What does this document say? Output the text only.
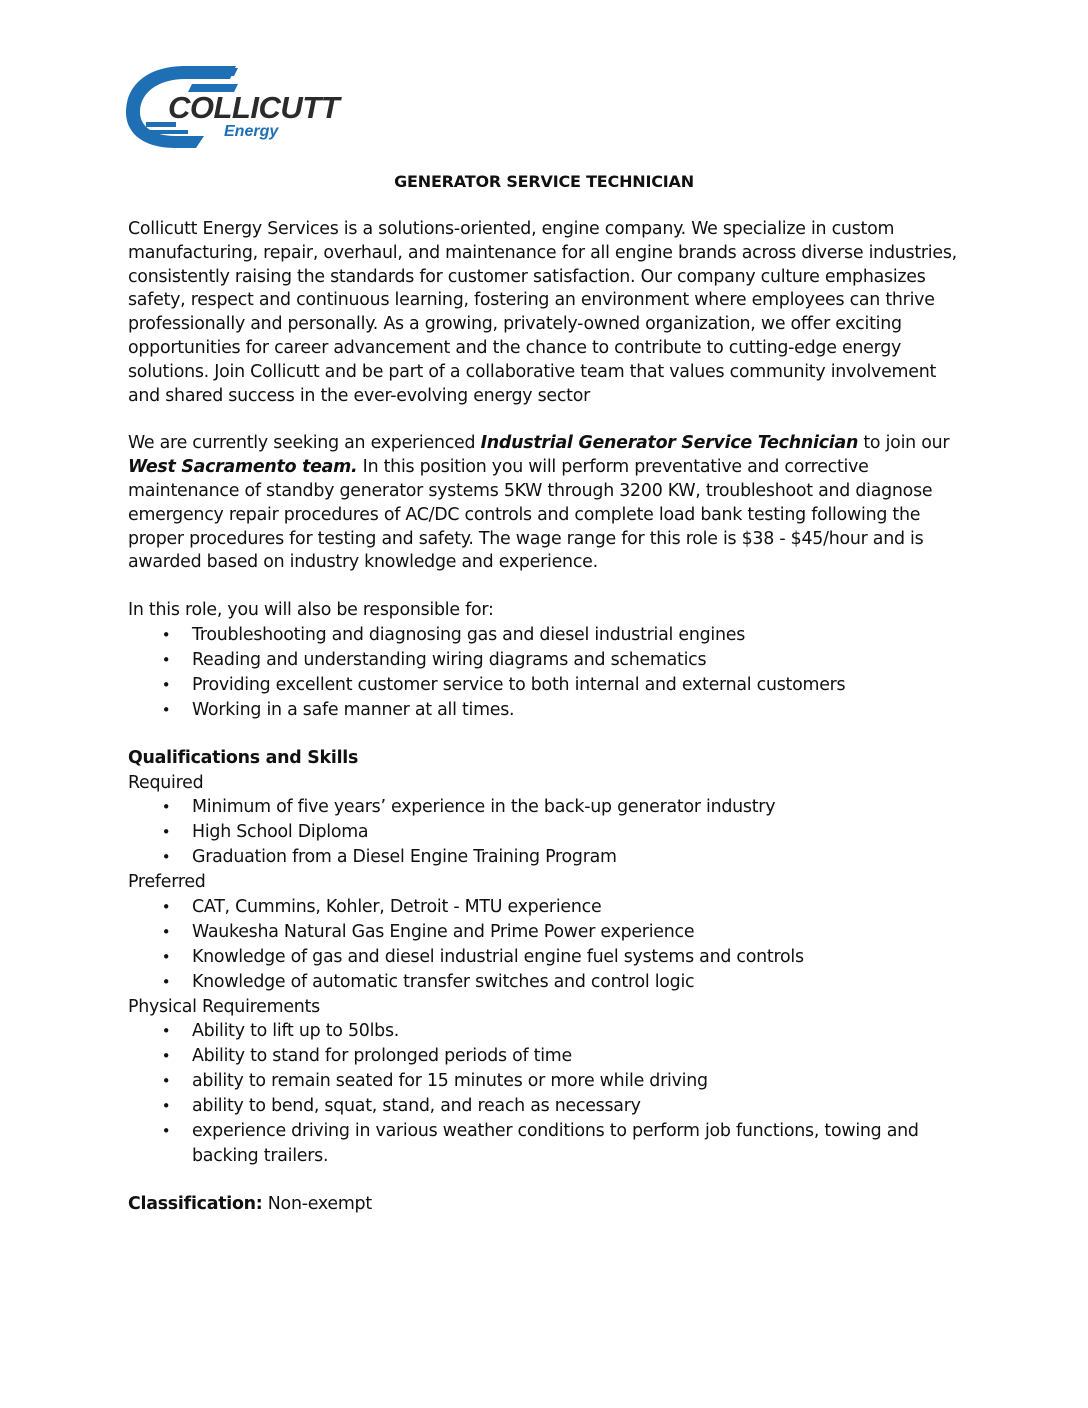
COLLICUTT
Energy
GENERATOR SERVICE TECHNICIAN

Collicutt Energy Services is a solutions-oriented, engine company. We specialize in custom manufacturing, repair, overhaul, and maintenance for all engine brands across diverse industries, consistently raising the standards for customer satisfaction. Our company culture emphasizes safety, respect and continuous learning, fostering an environment where employees can thrive professionally and personally. As a growing, privately-owned organization, we offer exciting opportunities for career advancement and the chance to contribute to cutting-edge energy solutions. Join Collicutt and be part of a collaborative team that values community involvement and shared success in the ever-evolving energy sector

We are currently seeking an experienced Industrial Generator Service Technician to join our West Sacramento team. In this position you will perform preventative and corrective maintenance of standby generator systems 5KW through 3200 KW, troubleshoot and diagnose emergency repair procedures of AC/DC controls and complete load bank testing following the proper procedures for testing and safety. The wage range for this role is $38 - $45/hour and is awarded based on industry knowledge and experience.

In this role, you will also be responsible for:

• Troubleshooting and diagnosing gas and diesel industrial engines
• Reading and understanding wiring diagrams and schematics
• Providing excellent customer service to both internal and external customers
• Working in a safe manner at all times.

Qualifications and Skills

Required

• Minimum of five years’ experience in the back-up generator industry
• High School Diploma
• Graduation from a Diesel Engine Training Program

Preferred

• CAT, Cummins, Kohler, Detroit - MTU experience
• Waukesha Natural Gas Engine and Prime Power experience
• Knowledge of gas and diesel industrial engine fuel systems and controls
• Knowledge of automatic transfer switches and control logic

Physical Requirements

• Ability to lift up to 50lbs.
• Ability to stand for prolonged periods of time
• ability to remain seated for 15 minutes or more while driving
• ability to bend, squat, stand, and reach as necessary
• experience driving in various weather conditions to perform job functions, towing and backing trailers.

Classification: Non-exempt
